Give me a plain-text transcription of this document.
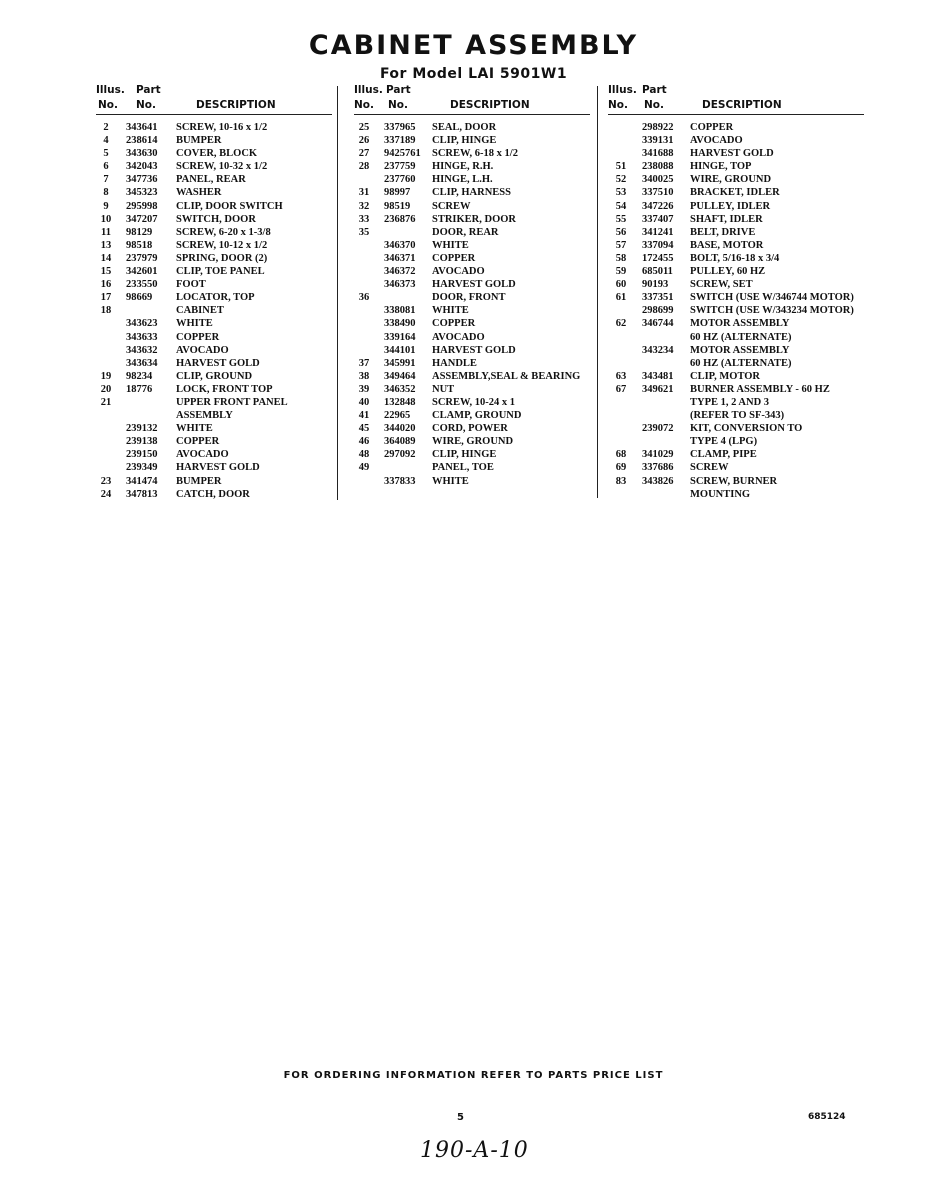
CABINET ASSEMBLY
For Model LAI 5901W1
Illus. Part
No. No.	DESCRIPTION
2	343641 SCREW, 10-16 x 1/2
4	238614 BUMPER
5	343630 COVER, BLOCK
6	342043 SCREW, 10-32 x 1/2
7	347736 PANEL, REAR
8	345323 WASHER
9	295998 CLIP, DOOR SWITCH
10	347207 SWITCH, DOOR
11	98129 SCREW, 6-20 x 1-3/8
13	98518 SCREW, 10-12 x 1/2
14	237979 SPRING, DOOR (2)
15	342601 CLIP, TOE PANEL
16	233550 FOOT
17	98669 LOCATOR, TOP
18	CABINET
343623 WHITE
343633 COPPER
343632 AVOCADO
343634 HARVEST GOLD
19	98234 CLIP, GROUND
20	18776 LOCK, FRONT TOP
21	UPPER FRONT PANEL
ASSEMBLY
239132 WHITE
239138 COPPER
239150 AVOCADO
239349 HARVEST GOLD
23	341474 BUMPER
24	347813 CATCH, DOOR
Illus. Part
No. No.	DESCRIPTION
25	337965 SEAL, DOOR
26	337189 CLIP, HINGE
27	9425761 SCREW, 6-18 x 1/2
28	237759 HINGE, R.H.
237760 HINGE, L.H.
31	98997 CLIP, HARNESS
32	98519 SCREW
33	236876 STRIKER, DOOR
35	DOOR, REAR
346370 WHITE
346371 COPPER
346372 AVOCADO
346373 HARVEST GOLD
36	DOOR, FRONT
338081 WHITE
338490 COPPER
339164 AVOCADO
344101 HARVEST GOLD
37	345991 HANDLE
38	349464 ASSEMBLY,SEAL & BEARING
39	346352 NUT
40	132848 SCREW, 10-24 x 1
41	22965 CLAMP, GROUND
45	344020 CORD, POWER
46	364089 WIRE, GROUND
48	297092 CLIP, HINGE
49	PANEL, TOE
337833 WHITE
Illus. Part
No. No.	DESCRIPTION
298922 COPPER
339131 AVOCADO
341688 HARVEST GOLD
51	238088 HINGE, TOP
52	340025 WIRE, GROUND
53	337510 BRACKET, IDLER
54	347226 PULLEY, IDLER
55	337407 SHAFT, IDLER
56	341241 BELT, DRIVE
57	337094 BASE, MOTOR
58	172455 BOLT, 5/16-18 x 3/4
59	685011 PULLEY, 60 HZ
60	90193 SCREW, SET
61	337351 SWITCH (USE W/346744 MOTOR)
298699 SWITCH (USE W/343234 MOTOR)
62	346744 MOTOR ASSEMBLY
60 HZ (ALTERNATE)
343234 MOTOR ASSEMBLY
60 HZ (ALTERNATE)
63	343481 CLIP, MOTOR
67	349621 BURNER ASSEMBLY - 60 HZ
TYPE 1, 2 AND 3
(REFER TO SF-343)
239072 KIT, CONVERSION TO
TYPE 4 (LPG)
68	341029 CLAMP, PIPE
69	337686 SCREW
83	343826 SCREW, BURNER
MOUNTING
FOR ORDERING INFORMATION REFER TO PARTS PRICE LIST
5	685124
190-A-10
